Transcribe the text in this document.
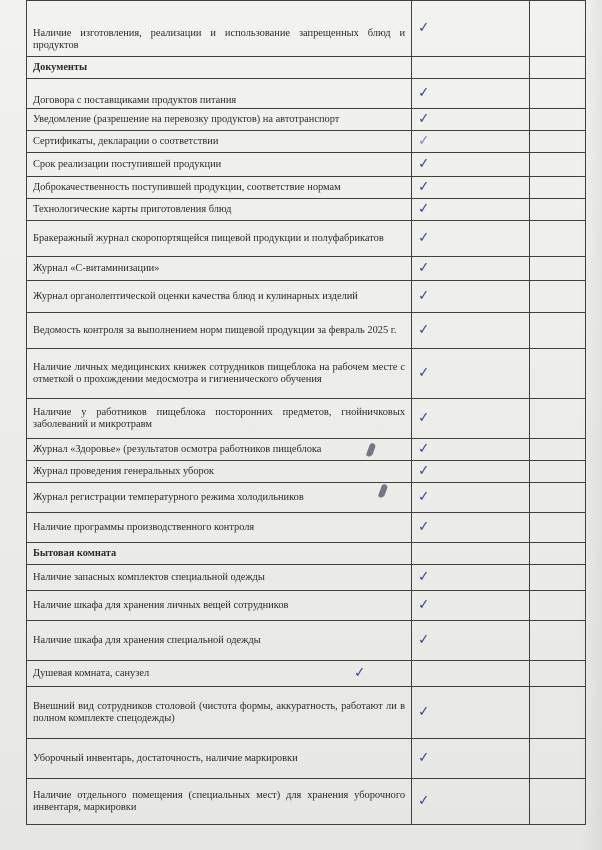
Наличие изготовления, реализации и использование запрещенных блюд и продуктов	✓	
Документы		
Договора с поставщиками продуктов питания	✓	
Уведомление (разрешение на перевозку продуктов) на автотранспорт	✓	
Сертификаты, декларации о соответствии	✓	
Срок реализации поступившей продукции	✓	
Доброкачественность поступившей продукции, соответствие нормам	✓	
Технологические карты приготовления блюд	✓	
Бракеражный журнал скоропортящейся пищевой продукции и полуфабрикатов	✓	
Журнал «С-витаминизации»	✓	
Журнал органолептической оценки качества блюд и кулинарных изделий	✓	
Ведомость контроля за выполнением норм пищевой продукции за февраль 2025 г.	✓	
Наличие личных медицинских книжек сотрудников пищеблока на рабочем месте с отметкой о прохождении медосмотра и гигиенического обучения	✓	
Наличие у работников пищеблока посторонних предметов, гнойничковых заболеваний и микротравм	✓	
Журнал «Здоровье» (результатов осмотра работников пищеблока	✓	
Журнал проведения генеральных уборок	✓	
Журнал регистрации температурного режима холодильников	✓	
Наличие программы производственного контроля	✓	
Бытовая комната		
Наличие запасных комплектов специальной одежды	✓	
Наличие шкафа для хранения личных вещей сотрудников	✓	
Наличие шкафа для хранения специальной одежды	✓	
Душевая комната, санузел	✓	
Внешний вид сотрудников столовой (чистота формы, аккуратность, работают ли в полном комплекте спецодежды)	✓	
Уборочный инвентарь, достаточность, наличие маркировки	✓	
Наличие отдельного помещения (специальных мест) для хранения уборочного инвентаря, маркировки	✓	
